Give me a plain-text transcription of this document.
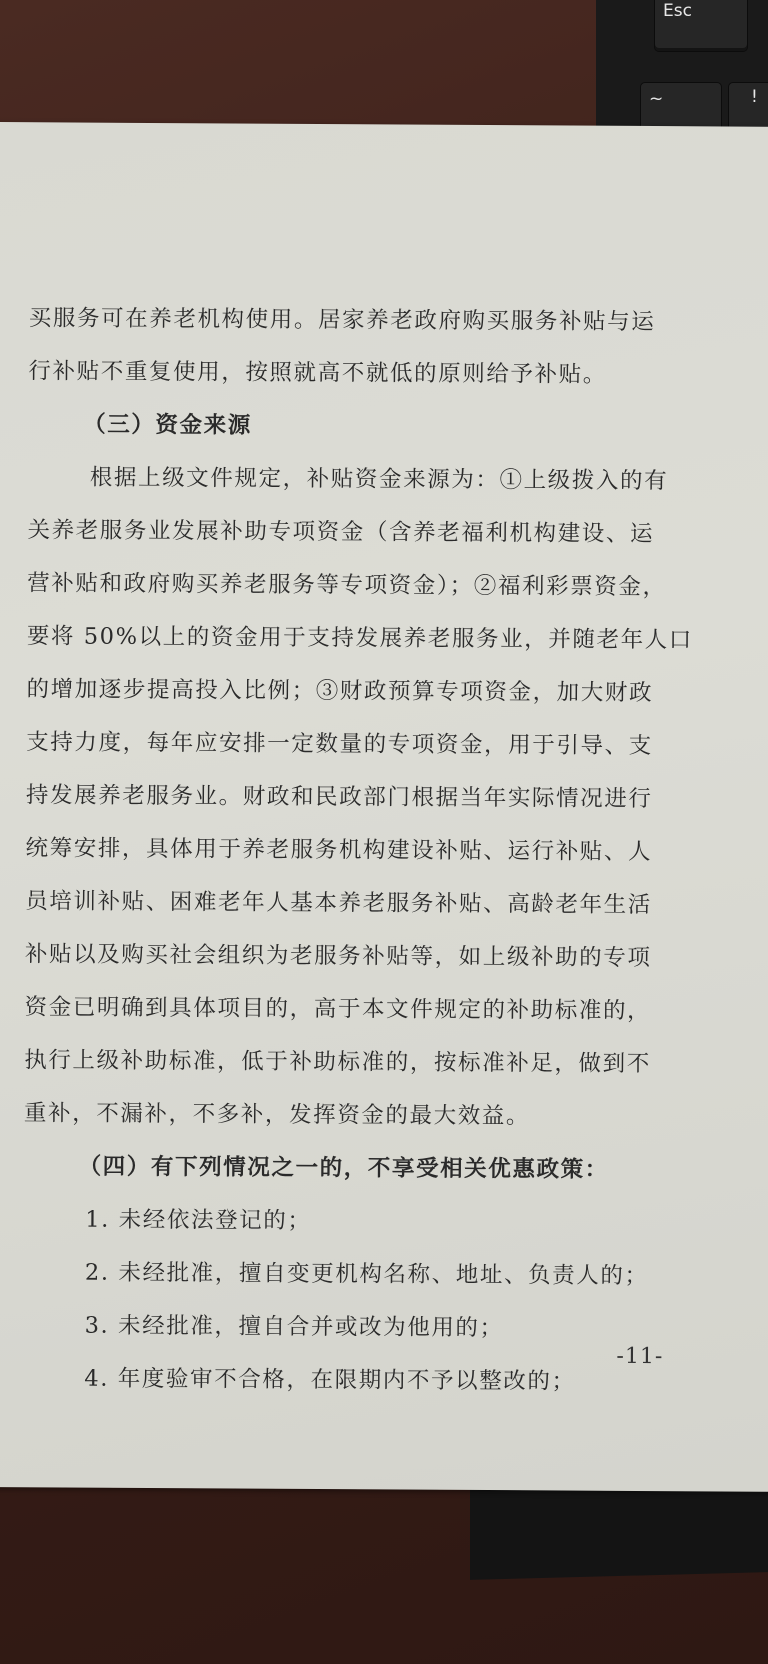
Esc
~	!

买服务可在养老机构使用。居家养老政府购买服务补贴与运

行补贴不重复使用，按照就高不就低的原则给予补贴。

（三）资金来源

根据上级文件规定，补贴资金来源为：①上级拨入的有

关养老服务业发展补助专项资金（含养老福利机构建设、运

营补贴和政府购买养老服务等专项资金）；②福利彩票资金，

要将 50%以上的资金用于支持发展养老服务业，并随老年人口

的增加逐步提高投入比例；③财政预算专项资金，加大财政

支持力度，每年应安排一定数量的专项资金，用于引导、支

持发展养老服务业。财政和民政部门根据当年实际情况进行

统筹安排，具体用于养老服务机构建设补贴、运行补贴、人

员培训补贴、困难老年人基本养老服务补贴、高龄老年生活

补贴以及购买社会组织为老服务补贴等，如上级补助的专项

资金已明确到具体项目的，高于本文件规定的补助标准的，

执行上级补助标准，低于补助标准的，按标准补足，做到不

重补，不漏补，不多补，发挥资金的最大效益。

（四）有下列情况之一的，不享受相关优惠政策：

1. 未经依法登记的；

2. 未经批准，擅自变更机构名称、地址、负责人的；

3. 未经批准，擅自合并或改为他用的；

4. 年度验审不合格，在限期内不予以整改的；

-11-
